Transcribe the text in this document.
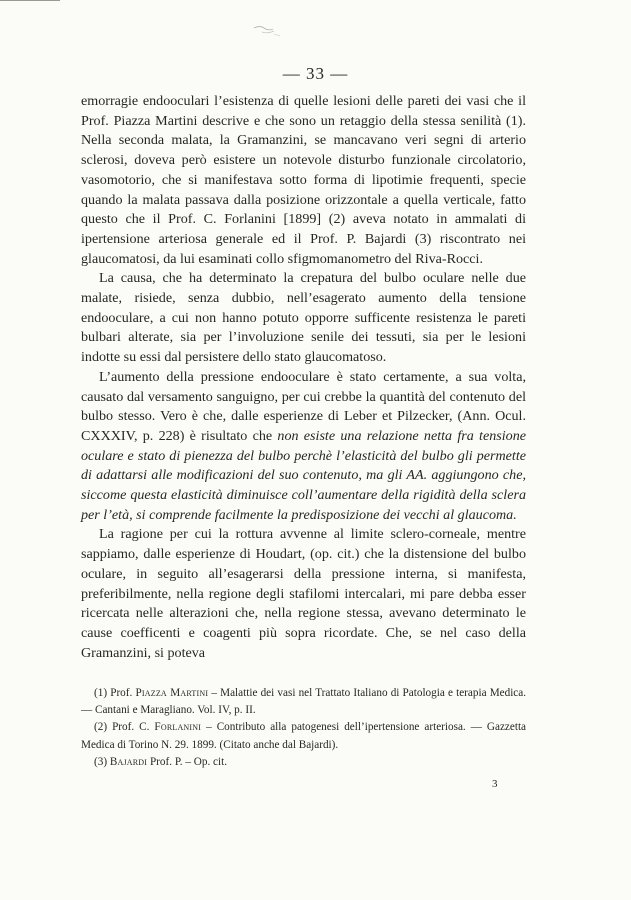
— 33 —

emorragie endooculari l’esistenza di quelle lesioni delle pareti dei vasi che il Prof. Piazza Martini descrive e che sono un retaggio della stessa senilità (1). Nella seconda malata, la Gramanzini, se mancavano veri segni di arterio sclerosi, doveva però esistere un notevole disturbo funzionale circolatorio, vasomotorio, che si manifestava sotto forma di lipotimie frequenti, specie quando la malata passava dalla posizione orizzontale a quella verticale, fatto questo che il Prof. C. Forlanini [1899] (2) aveva notato in ammalati di ipertensione arteriosa generale ed il Prof. P. Bajardi (3) riscontrato nei glaucomatosi, da lui esaminati collo sfigmomanometro del Riva-Rocci.

La causa, che ha determinato la crepatura del bulbo oculare nelle due malate, risiede, senza dubbio, nell’esagerato aumento della tensione endooculare, a cui non hanno potuto opporre sufficente resistenza le pareti bulbari alterate, sia per l’involuzione senile dei tessuti, sia per le lesioni indotte su essi dal persistere dello stato glaucomatoso.

L’aumento della pressione endooculare è stato certamente, a sua volta, causato dal versamento sanguigno, per cui crebbe la quantità del contenuto del bulbo stesso. Vero è che, dalle esperienze di Leber et Pilzecker, (Ann. Ocul. CXXXIV, p. 228) è risultato che non esiste una relazione netta fra tensione oculare e stato di pienezza del bulbo perchè l’elasticità del bulbo gli permette di adattarsi alle modificazioni del suo contenuto, ma gli AA. aggiungono che, siccome questa elasticità diminuisce coll’aumentare della rigidità della sclera per l’età, si comprende facilmente la predisposizione dei vecchi al glaucoma.

La ragione per cui la rottura avvenne al limite sclero-corneale, mentre sappiamo, dalle esperienze di Houdart, (op. cit.) che la distensione del bulbo oculare, in seguito all’esagerarsi della pressione interna, si manifesta, preferibilmente, nella regione degli stafilomi intercalari, mi pare debba esser ricercata nelle alterazioni che, nella regione stessa, avevano determinato le cause coefficenti e coagenti più sopra ricordate. Che, se nel caso della Gramanzini, si poteva

(1) Prof. Piazza Martini – Malattie dei vasi nel Trattato Italiano di Patologia e terapia Medica. — Cantani e Maragliano. Vol. IV, p. II.

(2) Prof. C. Forlanini – Contributo alla patogenesi dell’ipertensione arteriosa. — Gazzetta Medica di Torino N. 29. 1899. (Citato anche dal Bajardi).

(3) Bajardi Prof. P. – Op. cit.

3
